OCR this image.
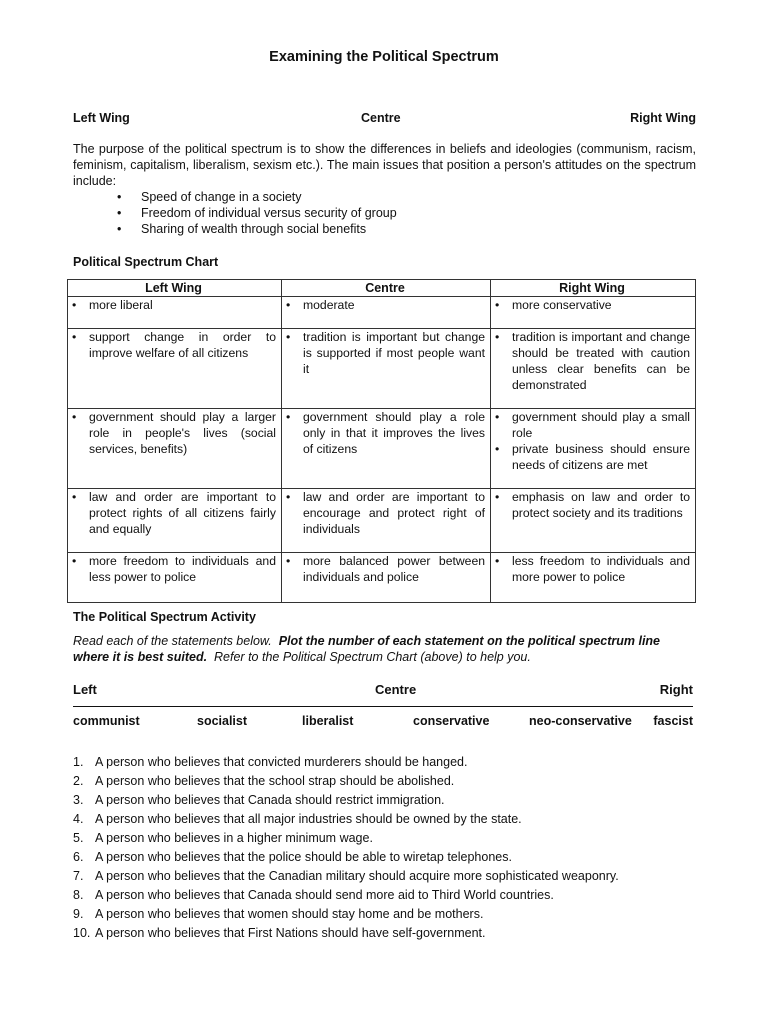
Examining the Political Spectrum
Left Wing	Centre	Right Wing
The purpose of the political spectrum is to show the differences in beliefs and ideologies (communism, racism, feminism, capitalism, liberalism, sexism etc.). The main issues that position a person's attitudes on the spectrum include:
• Speed of change in a society
• Freedom of individual versus security of group
• Sharing of wealth through social benefits
Political Spectrum Chart
Left Wing	Centre	Right Wing

• more liberal	• moderate	• more conservative

• support change in order to improve welfare of all citizens	• tradition is important but change is supported if most people want it	• tradition is important and change should be treated with caution unless clear benefits can be demonstrated

• government should play a larger role in people's lives (social services, benefits)	• government should play a role only in that it improves the lives of citizens	• government should play a small role
• private business should ensure needs of citizens are met

• law and order are important to protect rights of all citizens fairly and equally	• law and order are important to encourage and protect right of individuals	• emphasis on law and order to protect society and its traditions

• more freedom to individuals and less power to police	• more balanced power between individuals and police	• less freedom to individuals and more power to police
The Political Spectrum Activity
Read each of the statements below. Plot the number of each statement on the political spectrum line where it is best suited. Refer to the Political Spectrum Chart (above) to help you.
Left	Centre	Right
communist	socialist	liberalist	conservative	neo-conservative fascist
1. A person who believes that convicted murderers should be hanged.
2. A person who believes that the school strap should be abolished.
3. A person who believes that Canada should restrict immigration.
4. A person who believes that all major industries should be owned by the state.
5. A person who believes in a higher minimum wage.
6. A person who believes that the police should be able to wiretap telephones.
7. A person who believes that the Canadian military should acquire more sophisticated weaponry.
8. A person who believes that Canada should send more aid to Third World countries.
9. A person who believes that women should stay home and be mothers.
10. A person who believes that First Nations should have self-government.
